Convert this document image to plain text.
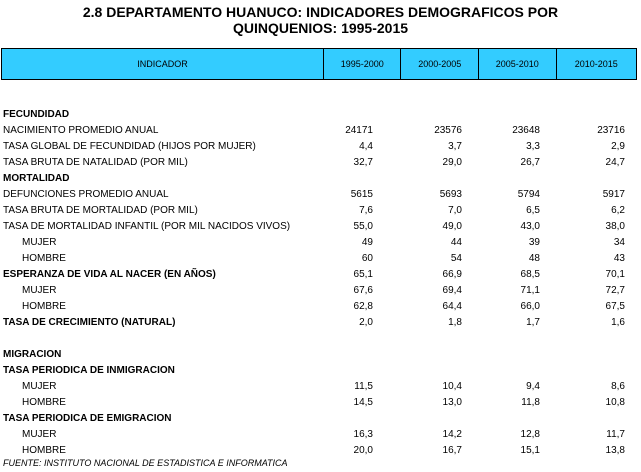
2.8 DEPARTAMENTO HUANUCO: INDICADORES DEMOGRAFICOS POR
QUINQUENIOS: 1995-2015
INDICADOR	1995-2000	2000-2005	2005-2010	2010-2015
FECUNDIDAD
NACIMIENTO PROMEDIO ANUAL	24171	23576	23648	23716
TASA GLOBAL DE FECUNDIDAD (HIJOS POR MUJER)	4,4	3,7	3,3	2,9
TASA BRUTA DE NATALIDAD (POR MIL)	32,7	29,0	26,7	24,7
MORTALIDAD
DEFUNCIONES PROMEDIO ANUAL	5615	5693	5794	5917
TASA BRUTA DE MORTALIDAD (POR MIL)	7,6	7,0	6,5	6,2
TASA DE MORTALIDAD INFANTIL (POR MIL NACIDOS VIVOS)	55,0	49,0	43,0	38,0
MUJER	49	44	39	34
HOMBRE	60	54	48	43
ESPERANZA DE VIDA AL NACER (EN AÑOS)	65,1	66,9	68,5	70,1
MUJER	67,6	69,4	71,1	72,7
HOMBRE	62,8	64,4	66,0	67,5
TASA DE CRECIMIENTO (NATURAL)	2,0	1,8	1,7	1,6
MIGRACION
TASA PERIODICA DE INMIGRACION
MUJER	11,5	10,4	9,4	8,6
HOMBRE	14,5	13,0	11,8	10,8
TASA PERIODICA DE EMIGRACION
MUJER	16,3	14,2	12,8	11,7
HOMBRE	20,0	16,7	15,1	13,8
FUENTE: INSTITUTO NACIONAL DE ESTADISTICA E INFORMATICA
